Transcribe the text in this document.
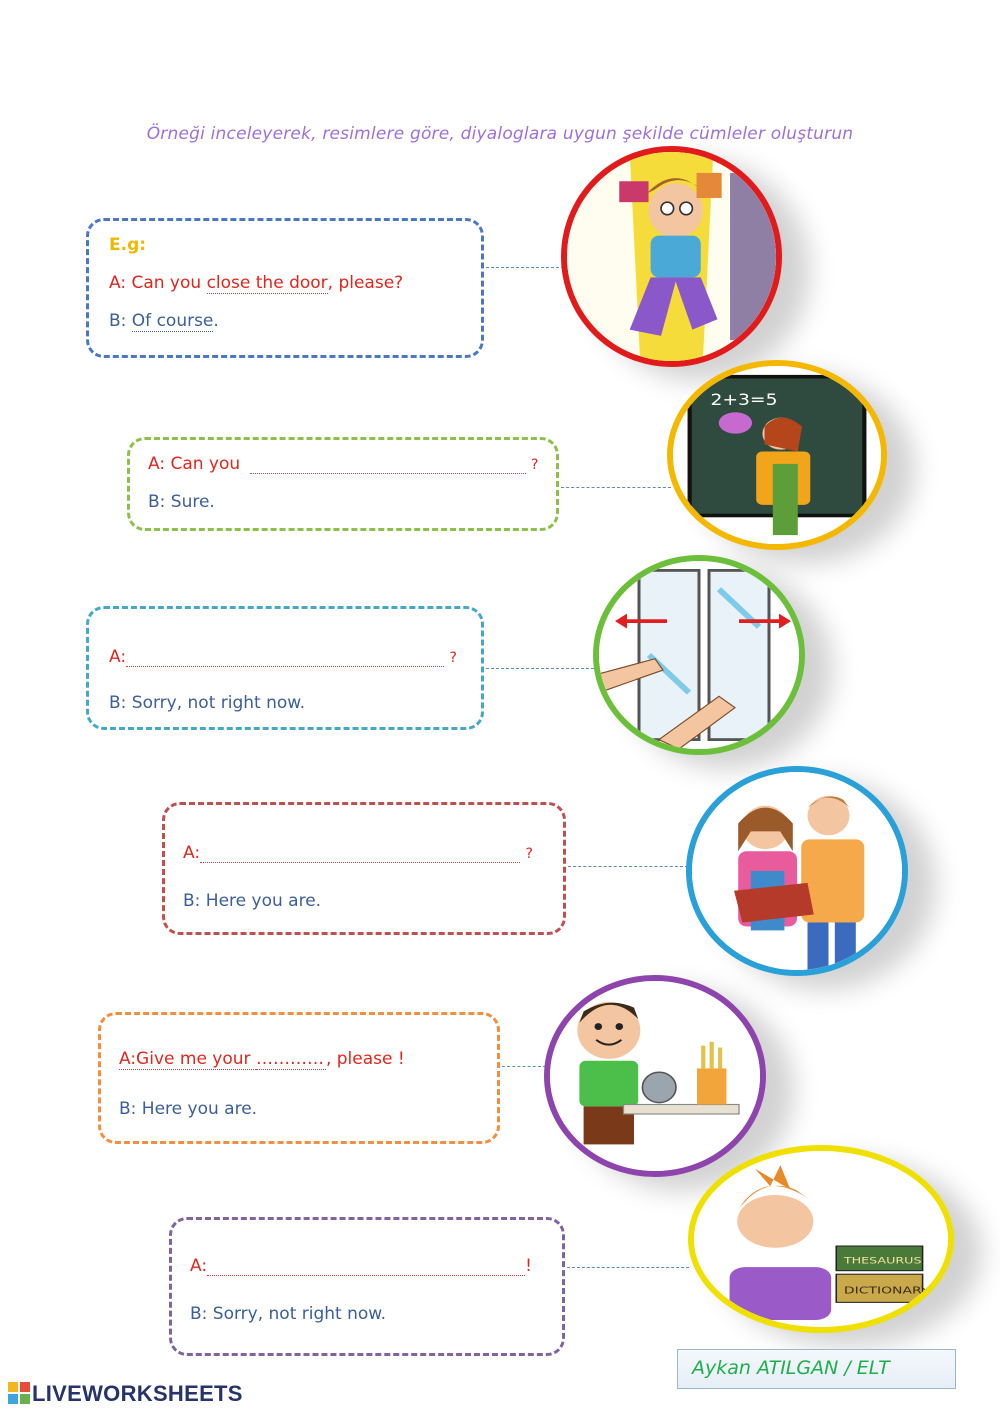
Örneği inceleyerek, resimlere göre, diyaloglara uygun şekilde cümleler oluşturun
E.g:
A: Can you close the door, please?
B: Of course.
A: Can you	?
B: Sure.
A:	?
B: Sorry, not right now.
A:	?
B: Here you are.
A:Give me your ………… , please !
B: Here you are.
A:	!
B: Sorry, not right now.
2+3=5
THESAURUS
DICTIONARY
Aykan ATILGAN / ELT
LIVEWORKSHEETS
